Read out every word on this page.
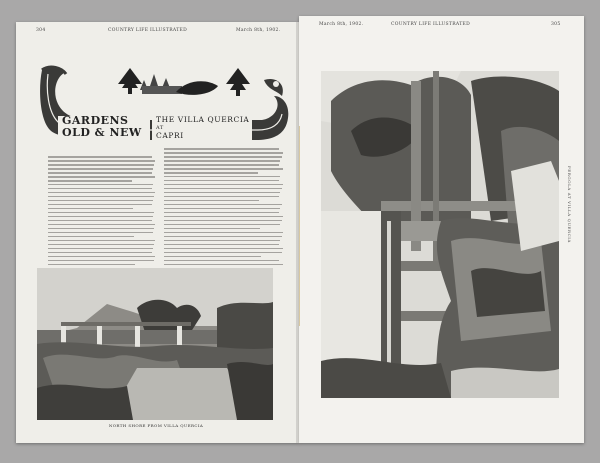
304	COUNTRY LIFE ILLUSTRATED	March 8th, 1902.
GARDENS
OLD & NEW
THE VILLA QUERCIA
AT
CAPRI
NORTH SHORE FROM VILLA QUERCIA
March 8th, 1902.	COUNTRY LIFE ILLUSTRATED	305
PERGOLA AT VILLA QUERCIA
